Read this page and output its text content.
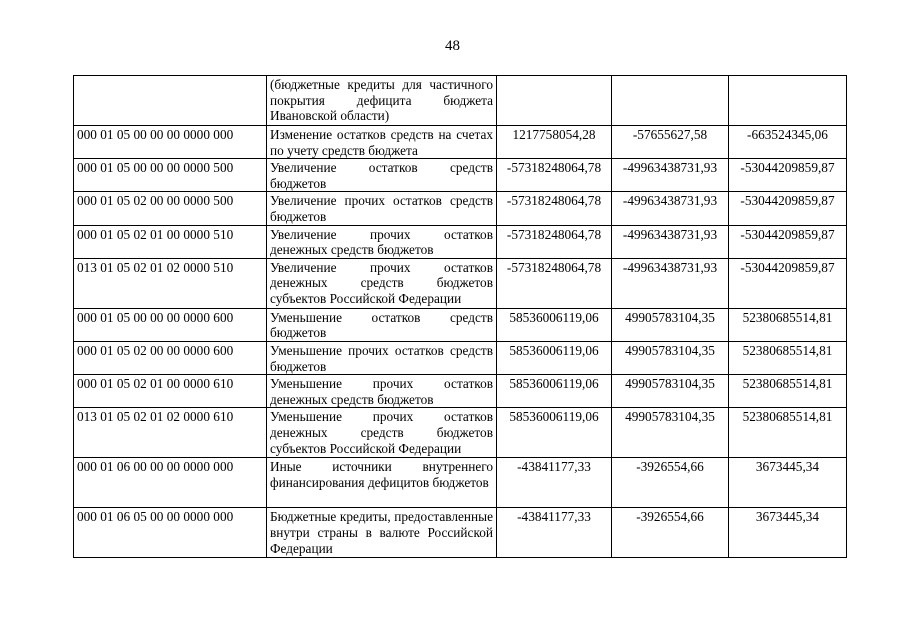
48
	(бюджетные кредиты для частичного покрытия дефицита бюджета Ивановской области)			
000 01 05 00 00 00 0000 000	Изменение остатков средств на счетах по учету средств бюджета	1217758054,28	-57655627,58	-663524345,06
000 01 05 00 00 00 0000 500	Увеличение остатков средств бюджетов	-57318248064,78	-49963438731,93	-53044209859,87
000 01 05 02 00 00 0000 500	Увеличение прочих остатков средств бюджетов	-57318248064,78	-49963438731,93	-53044209859,87
000 01 05 02 01 00 0000 510	Увеличение прочих остатков денежных средств бюджетов	-57318248064,78	-49963438731,93	-53044209859,87
013 01 05 02 01 02 0000 510	Увеличение прочих остатков денежных средств бюджетов субъектов Российской Федерации	-57318248064,78	-49963438731,93	-53044209859,87
000 01 05 00 00 00 0000 600	Уменьшение остатков средств бюджетов	58536006119,06	49905783104,35	52380685514,81
000 01 05 02 00 00 0000 600	Уменьшение прочих остатков средств бюджетов	58536006119,06	49905783104,35	52380685514,81
000 01 05 02 01 00 0000 610	Уменьшение прочих остатков денежных средств бюджетов	58536006119,06	49905783104,35	52380685514,81
013 01 05 02 01 02 0000 610	Уменьшение прочих остатков денежных средств бюджетов субъектов Российской Федерации	58536006119,06	49905783104,35	52380685514,81
000 01 06 00 00 00 0000 000	Иные источники внутреннего финансирования дефицитов бюджетов	-43841177,33	-3926554,66	3673445,34
000 01 06 05 00 00 0000 000	Бюджетные кредиты, предоставленные внутри страны в валюте Российской Федерации	-43841177,33	-3926554,66	3673445,34
